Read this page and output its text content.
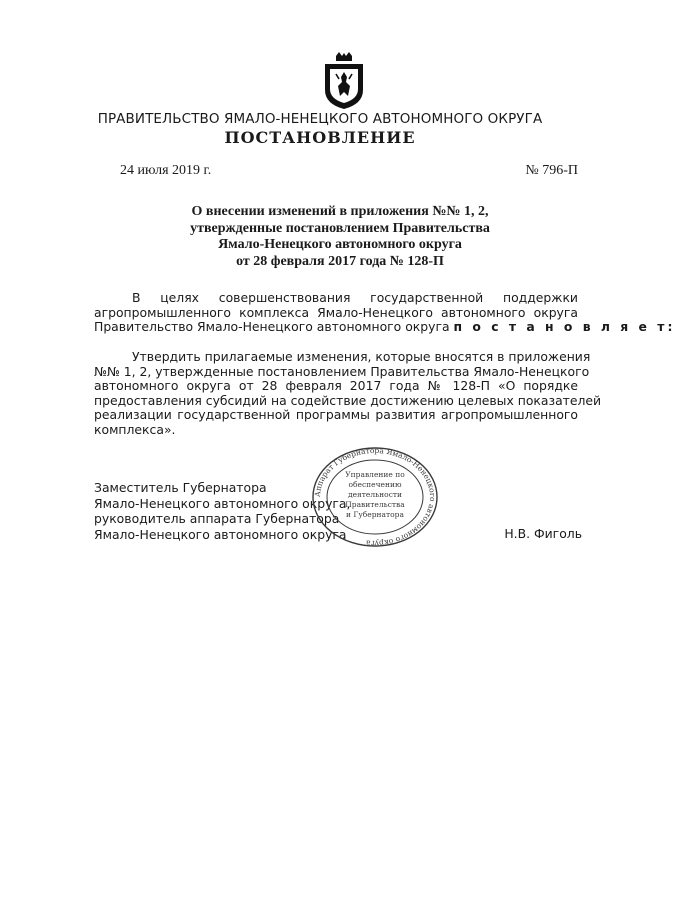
ПРАВИТЕЛЬСТВО ЯМАЛО-НЕНЕЦКОГО АВТОНОМНОГО ОКРУГА
ПОСТАНОВЛЕНИЕ
24 июля 2019 г.	№ 796-П
О внесении изменений в приложения №№ 1, 2,
утвержденные постановлением Правительства
Ямало-Ненецкого автономного округа
от 28 февраля 2017 года № 128-П
В целях совершенствования государственной поддержки
агропромышленного комплекса Ямало-Ненецкого автономного округа
Правительство Ямало-Ненецкого автономного округа п о с т а н о в л я е т:
Утвердить прилагаемые изменения, которые вносятся в приложения
№№ 1, 2, утвержденные постановлением Правительства Ямало-Ненецкого
автономного округа от 28 февраля 2017 года № 128-П «О порядке
предоставления субсидий на содействие достижению целевых показателей
реализации государственной программы развития агропромышленного
комплекса».
Заместитель Губернатора
Ямало-Ненецкого автономного округа,
руководитель аппарата Губернатора
Ямало-Ненецкого автономного округа	Н.В. Фиголь
Аппарат Губернатора Ямало-Ненецкого автономного округа
Управление по
обеспечению
деятельности
Правительства
и Губернатора
